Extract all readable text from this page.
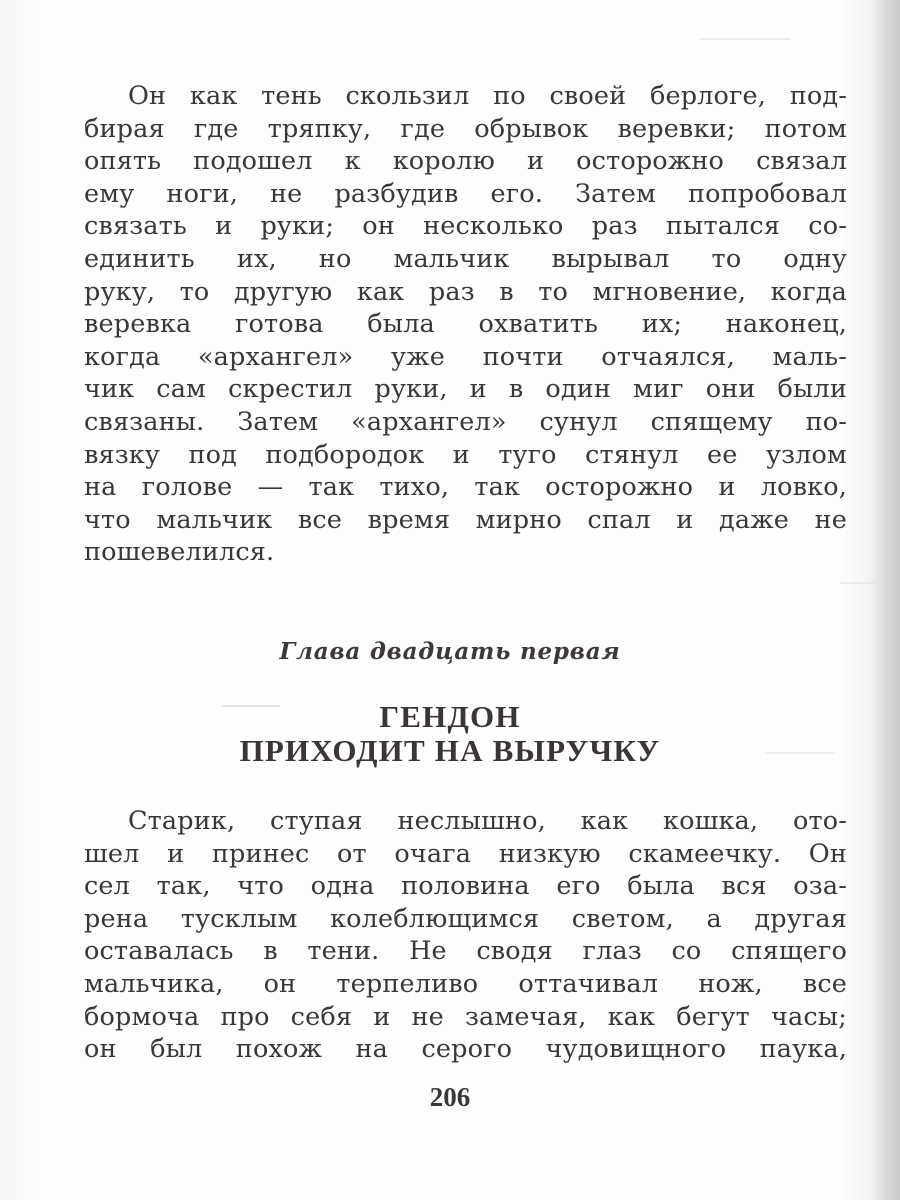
Он как тень скользил по своей берлоге, под-
бирая где тряпку, где обрывок веревки; потом
опять подошел к королю и осторожно связал
ему ноги, не разбудив его. Затем попробовал
связать и руки; он несколько раз пытался со-
единить их, но мальчик вырывал то одну
руку, то другую как раз в то мгновение, когда
веревка готова была охватить их; наконец,
когда «архангел» уже почти отчаялся, маль-
чик сам скрестил руки, и в один миг они были
связаны. Затем «архангел» сунул спящему по-
вязку под подбородок и туго стянул ее узлом
на голове — так тихо, так осторожно и ловко,
что мальчик все время мирно спал и даже не
пошевелился.

Глава двадцать первая
ГЕНДОН
ПРИХОДИТ НА ВЫРУЧКУ

Старик, ступая неслышно, как кошка, ото-
шел и принес от очага низкую скамеечку. Он
сел так, что одна половина его была вся оза-
рена тусклым колеблющимся светом, а другая
оставалась в тени. Не сводя глаз со спящего
мальчика, он терпеливо оттачивал нож, все
бормоча про себя и не замечая, как бегут часы;
он был похож на серого чудовищного паука,

206
